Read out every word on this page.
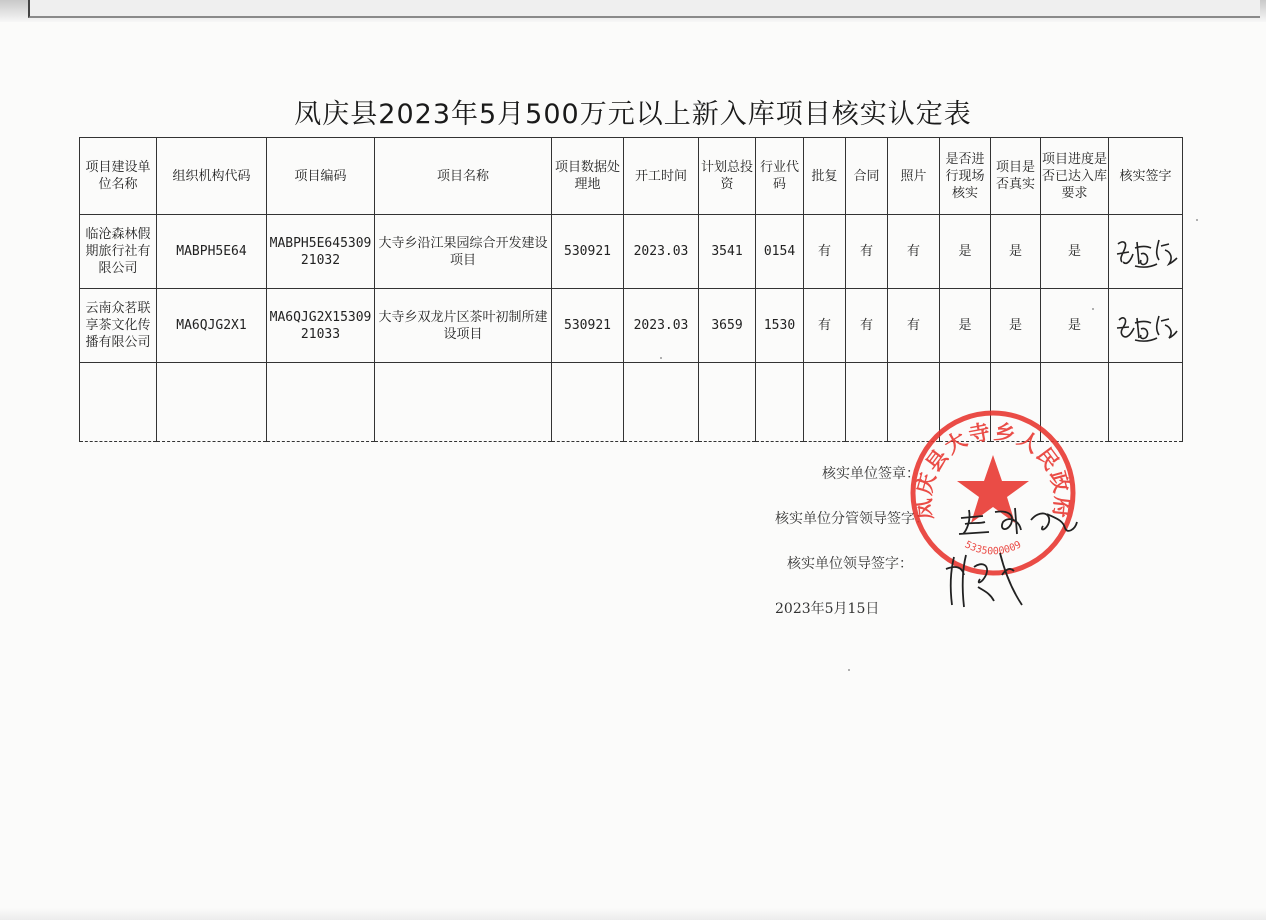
凤庆县2023年5月500万元以上新入库项目核实认定表
项目建设单位名称	组织机构代码	项目编码	项目名称	项目数据处理地	开工时间	计划总投资	行业代码	批复	合同	照片	是否进行现场核实	项目是否真实	项目进度是否已达入库要求	核实签字
临沧森林假期旅行社有限公司	MABPH5E64	MABPH5E64530921032	大寺乡沿江果园综合开发建设项目	530921	2023.03	3541	0154	有	有	有	是	是	是	

云南众茗联享茶文化传播有限公司	MA6QJG2X1	MA6QJG2X1530921033	大寺乡双龙片区茶叶初制所建设项目	530921	2023.03	3659	1530	有	有	有	是	是	是	

核实单位签章：
核实单位分管领导签字：
核实单位领导签字：
2023年5月15日
凤庆县大寺乡人民政府
5335000009
